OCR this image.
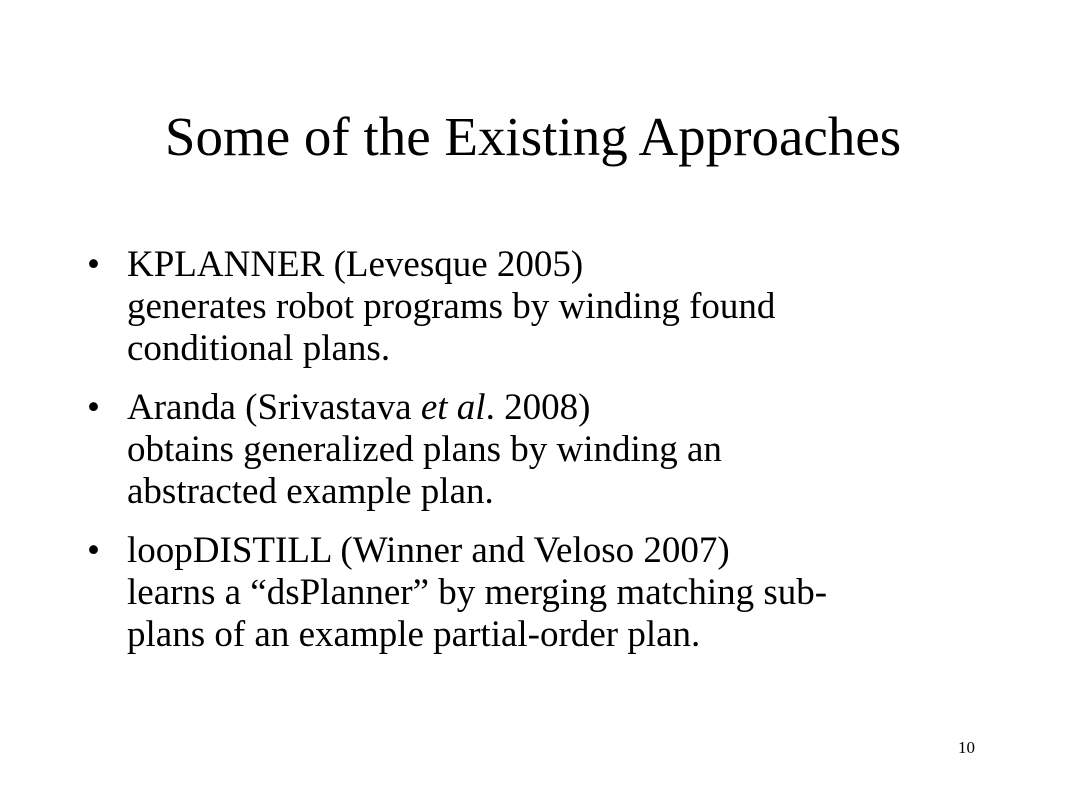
Some of the Existing Approaches
• KPLANNER (Levesque 2005)
generates robot programs by winding found
conditional plans.
• Aranda (Srivastava et al. 2008)
obtains generalized plans by winding an
abstracted example plan.
• loopDISTILL (Winner and Veloso 2007)
learns a “dsPlanner” by merging matching sub-
plans of an example partial-order plan.
10
